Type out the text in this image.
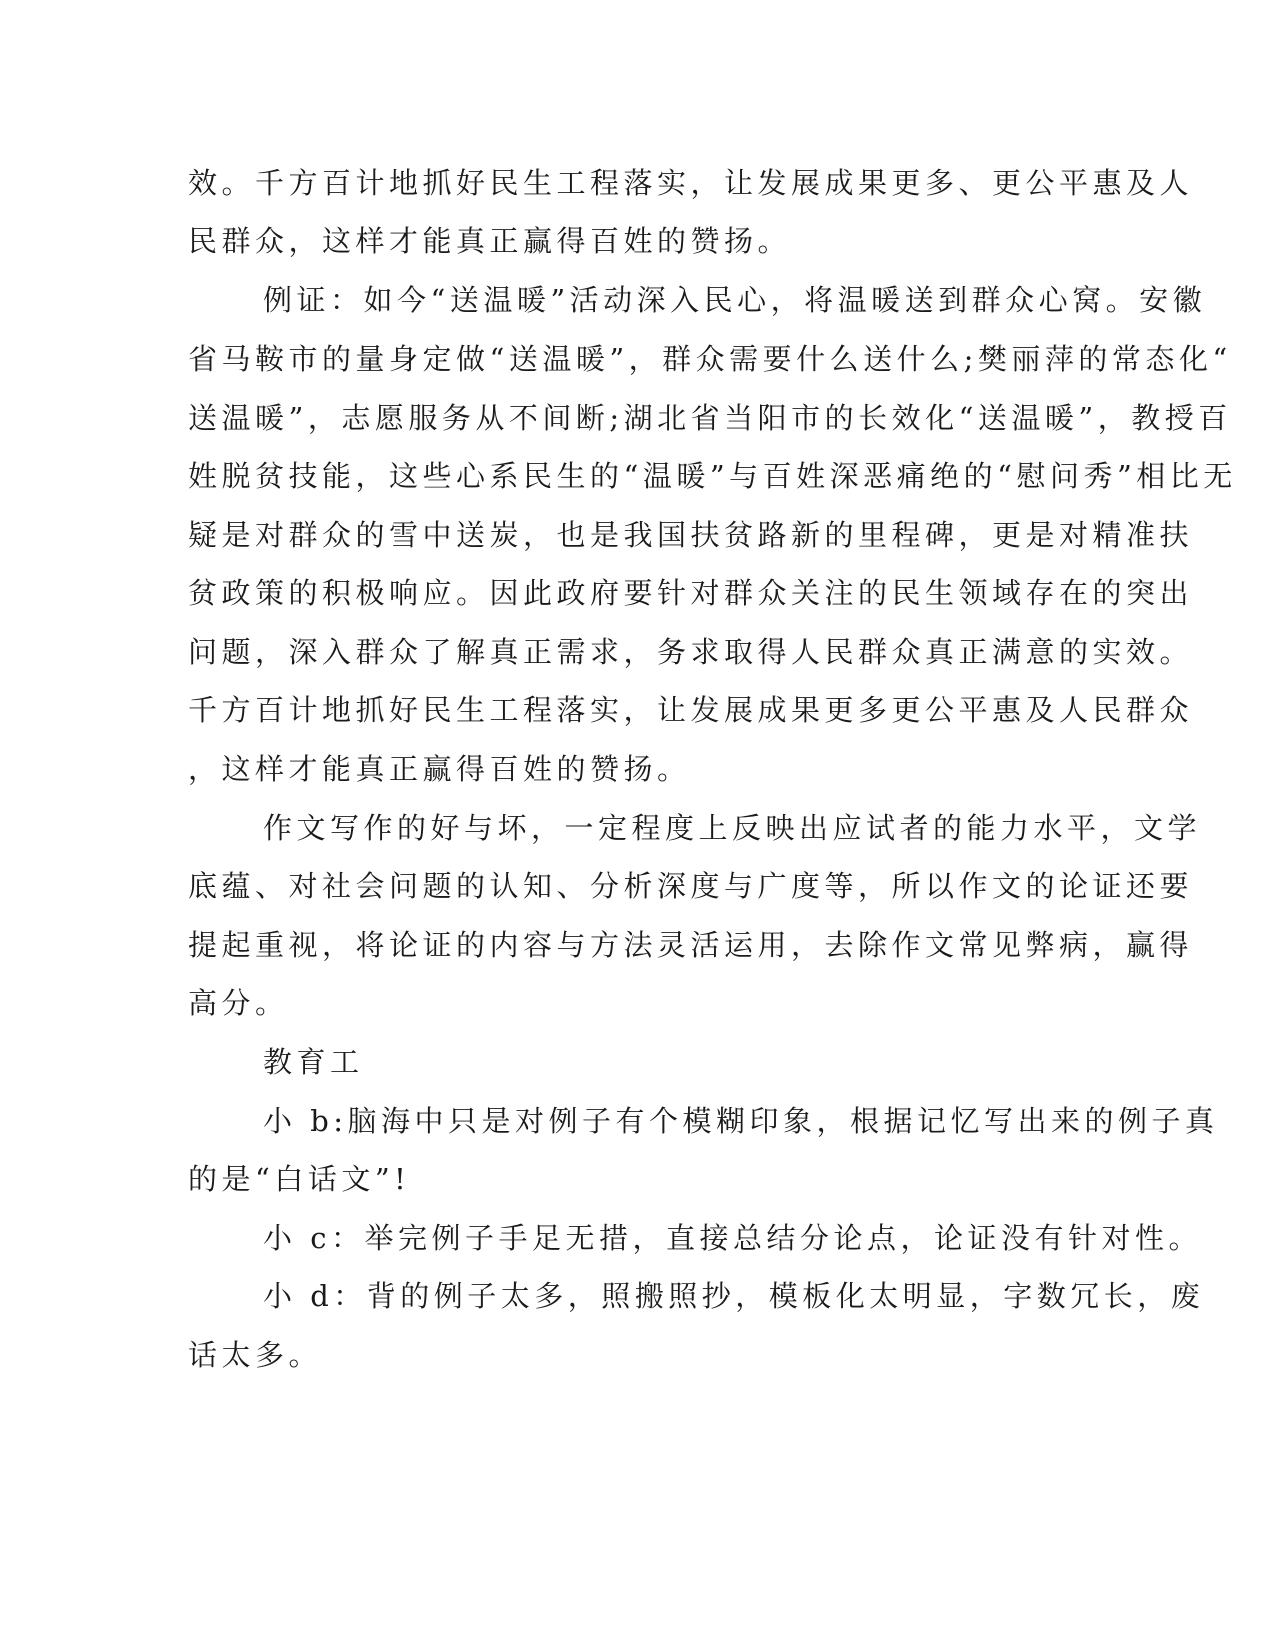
效。千方百计地抓好民生工程落实，让发展成果更多、更公平惠及人
民群众，这样才能真正赢得百姓的赞扬。
例证：如今“送温暖”活动深入民心，将温暖送到群众心窝。安徽
省马鞍市的量身定做“送温暖”，群众需要什么送什么;樊丽萍的常态化“
送温暖”，志愿服务从不间断;湖北省当阳市的长效化“送温暖”，教授百
姓脱贫技能，这些心系民生的“温暖”与百姓深恶痛绝的“慰问秀”相比无
疑是对群众的雪中送炭，也是我国扶贫路新的里程碑，更是对精准扶
贫政策的积极响应。因此政府要针对群众关注的民生领域存在的突出
问题，深入群众了解真正需求，务求取得人民群众真正满意的实效。
千方百计地抓好民生工程落实，让发展成果更多更公平惠及人民群众
，这样才能真正赢得百姓的赞扬。
作文写作的好与坏，一定程度上反映出应试者的能力水平，文学
底蕴、对社会问题的认知、分析深度与广度等，所以作文的论证还要
提起重视，将论证的内容与方法灵活运用，去除作文常见弊病，赢得
高分。
教育工
小 b:脑海中只是对例子有个模糊印象，根据记忆写出来的例子真
的是“白话文”!
小 c：举完例子手足无措，直接总结分论点，论证没有针对性。
小 d：背的例子太多，照搬照抄，模板化太明显，字数冗长，废
话太多。
